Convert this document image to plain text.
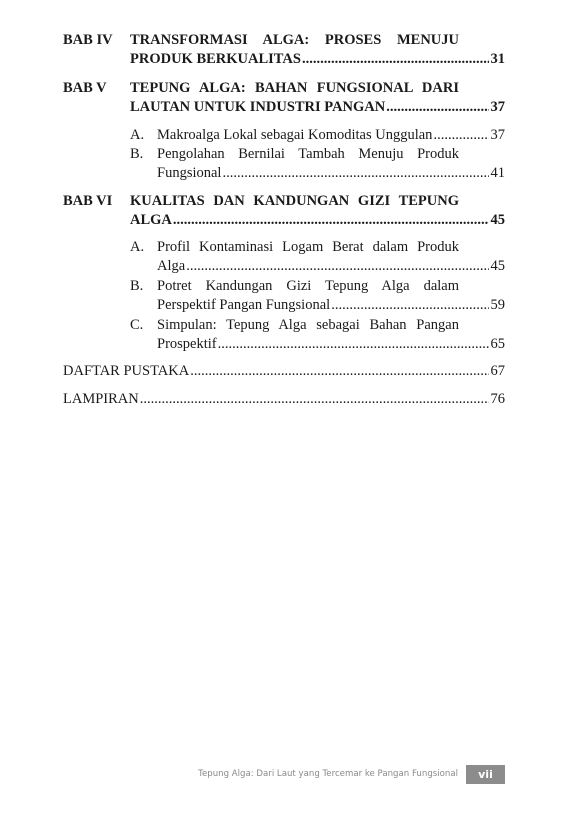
BAB IV TRANSFORMASI ALGA: PROSES MENUJU
PRODUK BERKUALITAS .....	31
BAB V TEPUNG ALGA: BAHAN FUNGSIONAL DARI
LAUTAN UNTUK INDUSTRI PANGAN .....	37
A. Makroalga Lokal sebagai Komoditas Unggulan .....	37
B. Pengolahan Bernilai Tambah Menuju Produk
Fungsional .....	41
BAB VI KUALITAS DAN KANDUNGAN GIZI TEPUNG
ALGA .....	45
A. Profil Kontaminasi Logam Berat dalam Produk
Alga .....	45
B. Potret Kandungan Gizi Tepung Alga dalam
Perspektif Pangan Fungsional .....	59
C. Simpulan: Tepung Alga sebagai Bahan Pangan
Prospektif .....	65
DAFTAR PUSTAKA .....	67
LAMPIRAN .....	76
Tepung Alga: Dari Laut yang Tercemar ke Pangan Fungsional	vii
